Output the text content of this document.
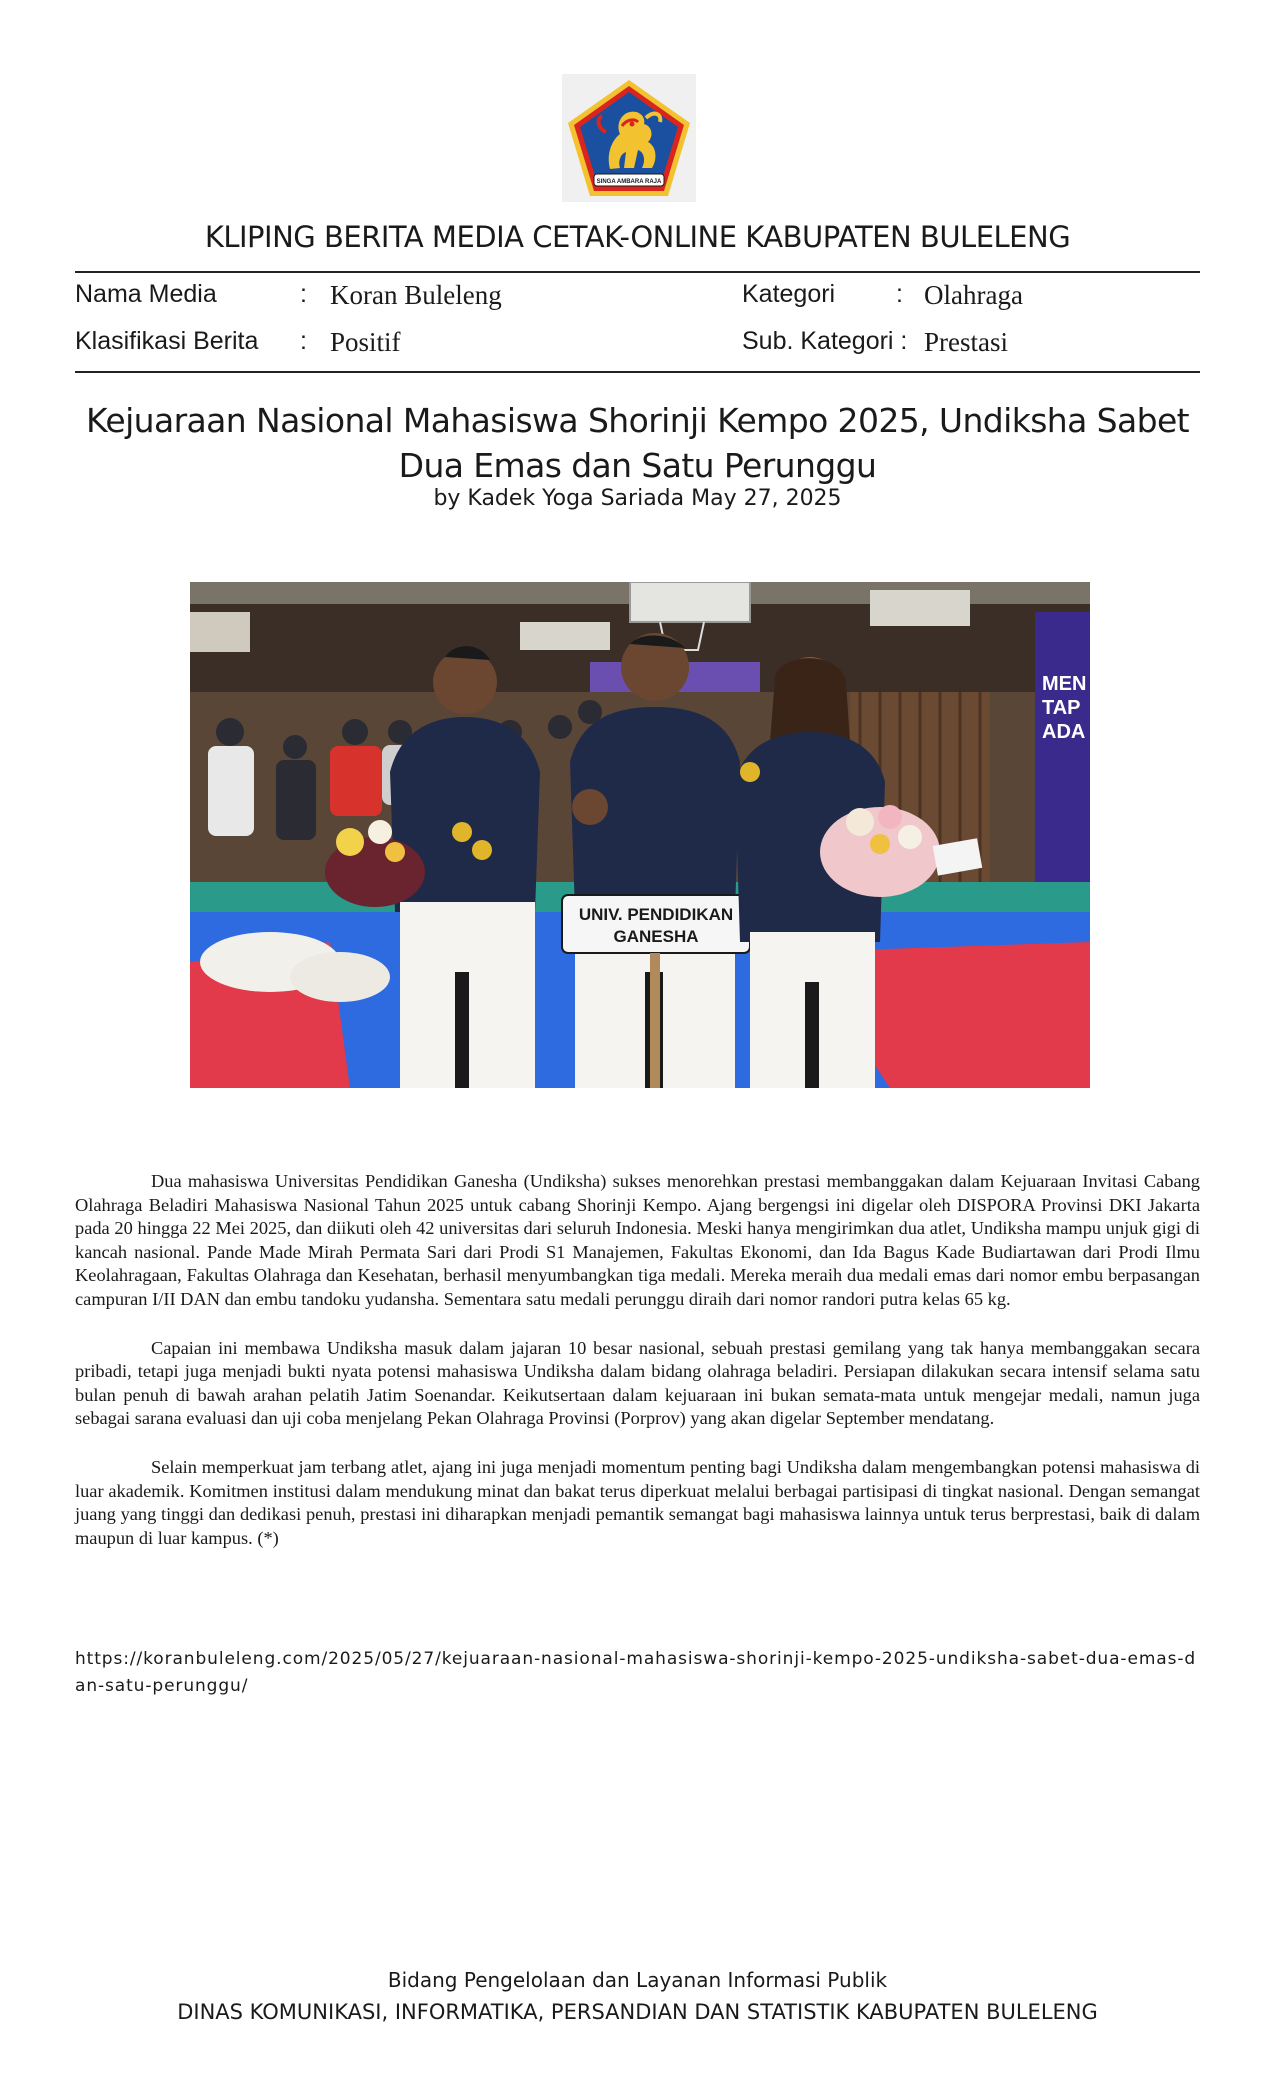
SINGA AMBARA RAJA
KLIPING BERITA MEDIA CETAK-ONLINE KABUPATEN BULELENG
Nama Media	: Koran Buleleng
Klasifikasi Berita : Positif
Kategori : Olahraga
Sub. Kategori : Prestasi
Kejuaraan Nasional Mahasiswa Shorinji Kempo 2025, Undiksha Sabet Dua Emas dan Satu Perunggu
by Kadek Yoga Sariada May 27, 2025
MEN
TAP
ADA
UNIV. PENDIDIKAN
GANESHA

Dua mahasiswa Universitas Pendidikan Ganesha (Undiksha) sukses menorehkan prestasi membanggakan dalam Kejuaraan Invitasi Cabang Olahraga Beladiri Mahasiswa Nasional Tahun 2025 untuk cabang Shorinji Kempo. Ajang bergengsi ini digelar oleh DISPORA Provinsi DKI Jakarta pada 20 hingga 22 Mei 2025, dan diikuti oleh 42 universitas dari seluruh Indonesia. Meski hanya mengirimkan dua atlet, Undiksha mampu unjuk gigi di kancah nasional. Pande Made Mirah Permata Sari dari Prodi S1 Manajemen, Fakultas Ekonomi, dan Ida Bagus Kade Budiartawan dari Prodi Ilmu Keolahragaan, Fakultas Olahraga dan Kesehatan, berhasil menyumbangkan tiga medali. Mereka meraih dua medali emas dari nomor embu berpasangan campuran I/II DAN dan embu tandoku yudansha. Sementara satu medali perunggu diraih dari nomor randori putra kelas 65 kg.

Capaian ini membawa Undiksha masuk dalam jajaran 10 besar nasional, sebuah prestasi gemilang yang tak hanya membanggakan secara pribadi, tetapi juga menjadi bukti nyata potensi mahasiswa Undiksha dalam bidang olahraga beladiri. Persiapan dilakukan secara intensif selama satu bulan penuh di bawah arahan pelatih Jatim Soenandar. Keikutsertaan dalam kejuaraan ini bukan semata-mata untuk mengejar medali, namun juga sebagai sarana evaluasi dan uji coba menjelang Pekan Olahraga Provinsi (Porprov) yang akan digelar September mendatang.

Selain memperkuat jam terbang atlet, ajang ini juga menjadi momentum penting bagi Undiksha dalam mengembangkan potensi mahasiswa di luar akademik. Komitmen institusi dalam mendukung minat dan bakat terus diperkuat melalui berbagai partisipasi di tingkat nasional. Dengan semangat juang yang tinggi dan dedikasi penuh, prestasi ini diharapkan menjadi pemantik semangat bagi mahasiswa lainnya untuk terus berprestasi, baik di dalam maupun di luar kampus. (*)

https://koranbuleleng.com/2025/05/27/kejuaraan-nasional-mahasiswa-shorinji-kempo-2025-undiksha-sabet-dua-emas-dan-satu-perunggu/
Bidang Pengelolaan dan Layanan Informasi Publik
DINAS KOMUNIKASI, INFORMATIKA, PERSANDIAN DAN STATISTIK KABUPATEN BULELENG
